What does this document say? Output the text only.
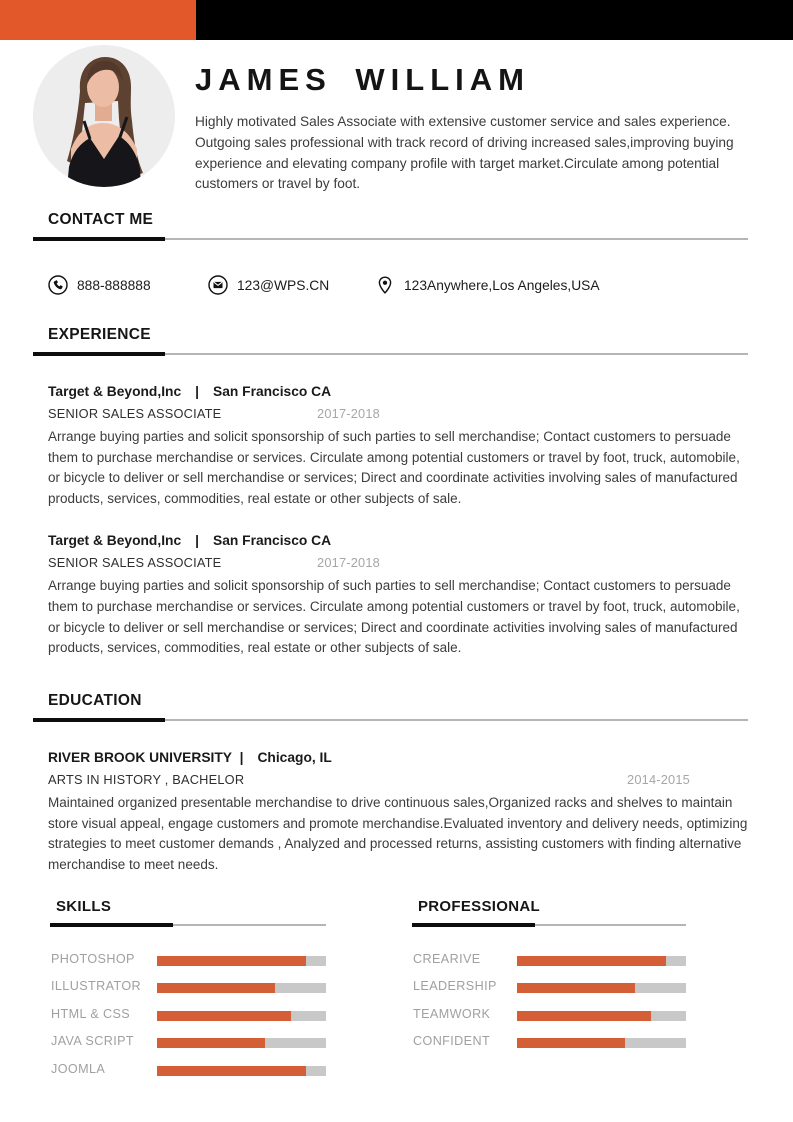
JAMES WILLIAM
Highly motivated Sales Associate with extensive customer service and sales experience. Outgoing sales professional with track record of driving increased sales,improving buying experience and elevating company profile with target market.Circulate among potential customers or travel by foot.
CONTACT ME
888-888888	123@WPS.CN	123Anywhere,Los Angeles,USA
EXPERIENCE
Target & Beyond,Inc | San Francisco CA
SENIOR SALES ASSOCIATE	2017-2018
Arrange buying parties and solicit sponsorship of such parties to sell merchandise; Contact customers to persuade them to purchase merchandise or services. Circulate among potential customers or travel by foot, truck, automobile, or bicycle to deliver or sell merchandise or services; Direct and coordinate activities involving sales of manufactured products, services, commodities, real estate or other subjects of sale.
Target & Beyond,Inc | San Francisco CA
SENIOR SALES ASSOCIATE	2017-2018
Arrange buying parties and solicit sponsorship of such parties to sell merchandise; Contact customers to persuade them to purchase merchandise or services. Circulate among potential customers or travel by foot, truck, automobile, or bicycle to deliver or sell merchandise or services; Direct and coordinate activities involving sales of manufactured products, services, commodities, real estate or other subjects of sale.
EDUCATION
RIVER BROOK UNIVERSITY | Chicago, IL
ARTS IN HISTORY , BACHELOR	2014-2015
Maintained organized presentable merchandise to drive continuous sales,Organized racks and shelves to maintain store visual appeal, engage customers and promote merchandise.Evaluated inventory and delivery needs, optimizing strategies to meet customer demands , Analyzed and processed returns, assisting customers with finding alternative merchandise to meet needs.
SKILLS
PHOTOSHOP
ILLUSTRATOR
HTML & CSS
JAVA SCRIPT
JOOMLA
PROFESSIONAL
CREARIVE
LEADERSHIP
TEAMWORK
CONFIDENT
